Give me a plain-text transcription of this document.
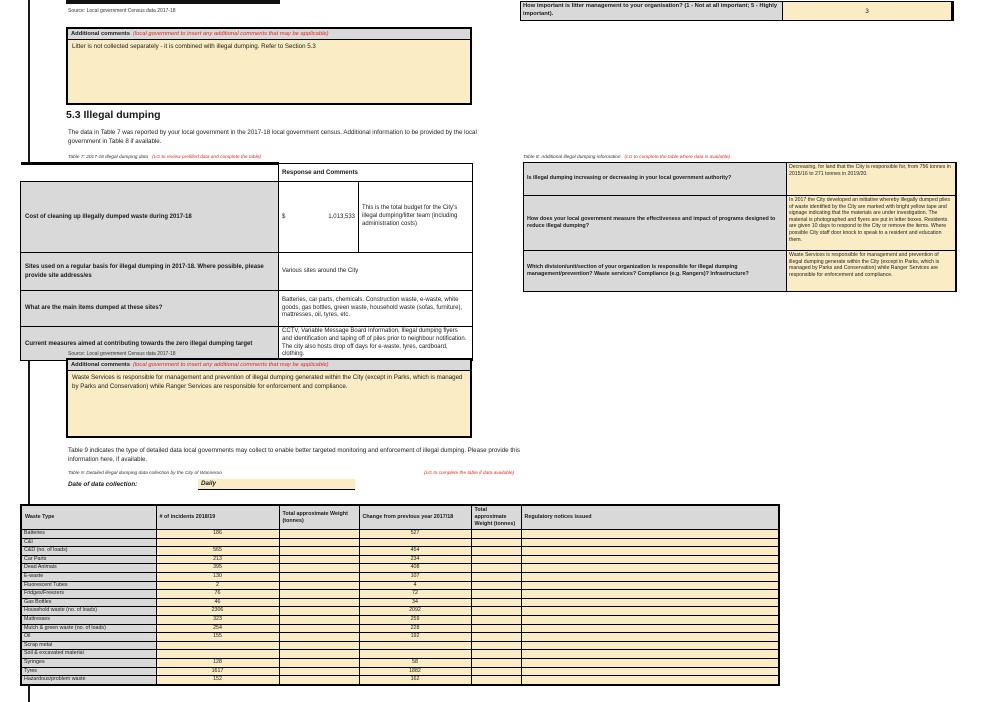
Source: Local government Census data 2017-18
How important is litter management to your organisation? (1 - Not at all important; 5 - Highly important).	3
Additional comments (local government to insert any additional comments that may be applicable)
Litter is not collected separately - it is combined with illegal dumping. Refer to Section 5.3
5.3 Illegal dumping
The data in Table 7 was reported by your local government in the 2017-18 local government census. Additional information to be provided by the local government in Table 8 if available.
Table 7: 2017-18 Illegal dumping data (LG to review prefilled data and complete the table)
	Response and Comments	
Cost of cleaning up illegally dumped waste during 2017-18	$ 1,013,533	This is the total budget for the City's illegal dumping/litter team (including administration costs)
Sites used on a regular basis for illegal dumping in 2017-18. Where possible, please provide site address/es	Various sites around the City	
What are the main items dumped at these sites?	Batteries, car parts, chemicals. Construction waste, e-waste, white goods, gas bottles, green waste, household waste (sofas, furniture), mattresses, oil, tyres, etc.	
Current measures aimed at contributing towards the zero illegal dumping target	CCTV, Variable Message Board Information, Illegal dumping flyers and identification and taping off of piles prior to neighbour notification. The city also hosts drop off days for e-waste, tyres, cardboard, clothing.	
Source: Local government Census data 2017-18
Table 8: Additional illegal dumping information (LG to complete the table where data is available)
Is illegal dumping increasing or decreasing in your local government authority?	Decreasing, for land that the City is responsible for, from 756 tonnes in 2015/16 to 271 tonnes in 2019/20.
How does your local government measure the effectiveness and impact of programs designed to reduce illegal dumping?	In 2017 the City developed an initiative whereby illegally dumped piles of waste identified by the City are marked with bright yellow tape and signage indicating that the materials are under investigation. The material is photographed and flyers are put in letter boxes. Residents are given 10 days to respond to the City or remove the items. Where possible City staff door knock to speak to a resident and education them.
Which division/unit/section of your organization is responsible for illegal dumping management/prevention? Waste services? Compliance (e.g. Rangers)? Infrastructure?	Waste Services is responsible for management and prevention of illegal dumping generate within the City (except in Parks, which is managed by Parks and Conservation) while Ranger Services are responsible for enforcement and compliance.
Additional comments (local government to insert any additional comments that may be applicable)
Waste Services is responsible for management and prevention of illegal dumping generated within the City (except in Parks, which is managed by Parks and Conservation) while Ranger Services are responsible for enforcement and compliance.
Table 9 indicates the type of detailed data local governments may collect to enable better targeted monitoring and enforcement of illegal dumping. Please provide this information here, if available.
Table 9: Detailed illegal dumping data collection by the City of Wanneroo	(LG to complete the table if data available)
Date of data collection:	Daily
Waste Type	# of incidents 2018/19	Total approximate Weight (tonnes)	Change from previous year 2017/18	Total approximate Weight (tonnes)	Regulatory notices issued
Batteries	186		527		
C&I					
C&D (no. of loads)	565		454		
Car Parts	213		234		
Dead Animals	395		408		
E-waste	130		107		
Fluorescent Tubes	2		4		
Fridges/Freezers	76		72		
Gas Bottles	46		34		
Household waste (no. of loads)	2306		2092		
Mattresses	323		259		
Mulch & green waste (no. of loads)	254		228		
Oil	155		192		
Scrap metal					
Soil & excavated material					
Syringes	128		58		
Tyres	1617		1882		
Hazardous/problem waste	152		162		
